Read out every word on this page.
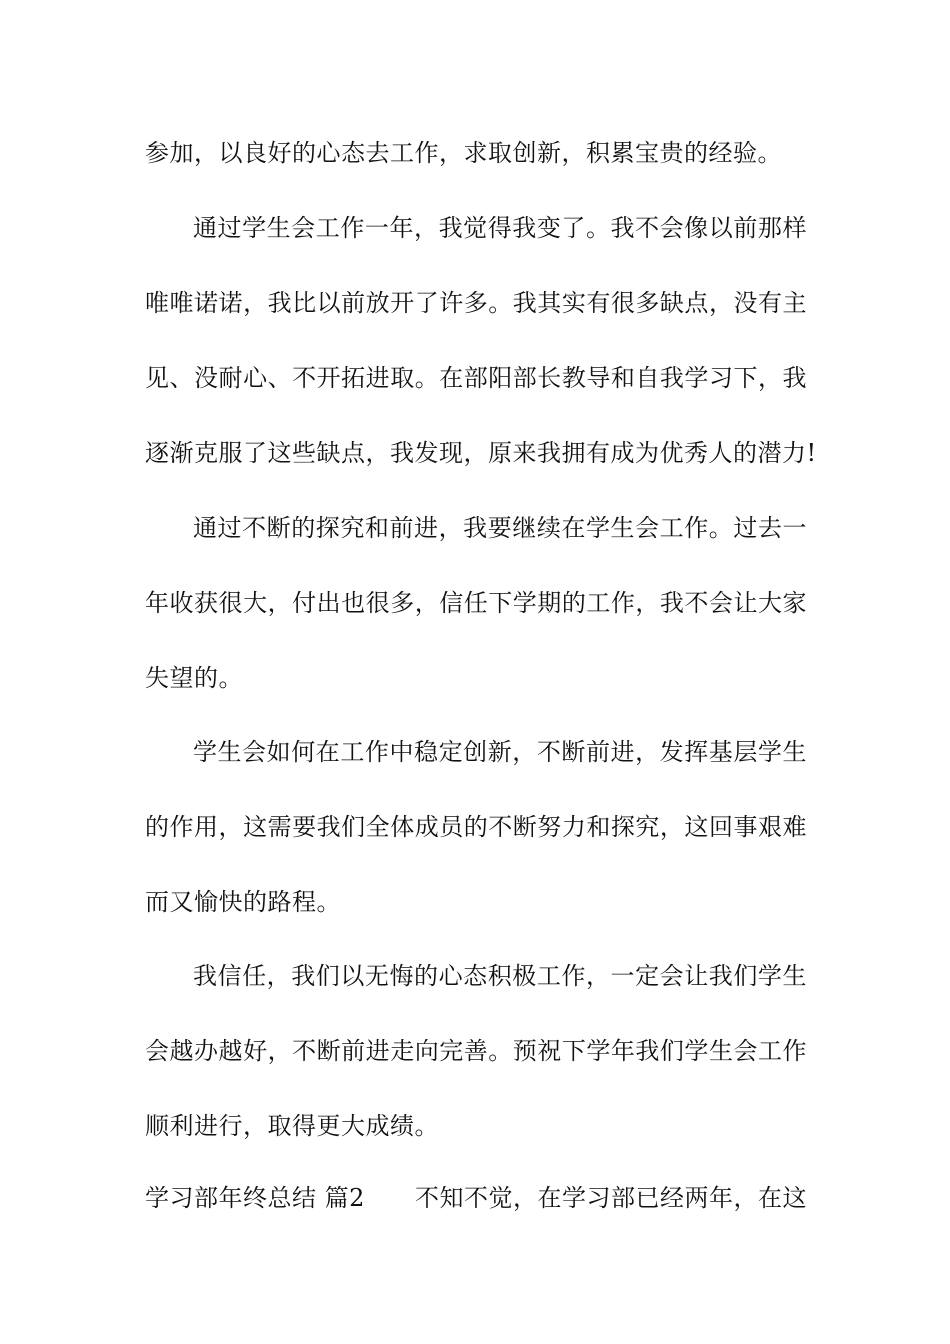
参加，以良好的心态去工作，求取创新，积累宝贵的经验。
通过学生会工作一年，我觉得我变了。我不会像以前那样
唯唯诺诺，我比以前放开了许多。我其实有很多缺点，没有主
见、没耐心、不开拓进取。在部阳部长教导和自我学习下，我
逐渐克服了这些缺点，我发现，原来我拥有成为优秀人的潜力!
通过不断的探究和前进，我要继续在学生会工作。过去一
年收获很大，付出也很多，信任下学期的工作，我不会让大家
失望的。
学生会如何在工作中稳定创新，不断前进，发挥基层学生
的作用，这需要我们全体成员的不断努力和探究，这回事艰难
而又愉快的路程。
我信任，我们以无悔的心态积极工作，一定会让我们学生
会越办越好，不断前进走向完善。预祝下学年我们学生会工作
顺利进行，取得更大成绩。
学习部年终总结 篇2 不知不觉，在学习部已经两年，在这
